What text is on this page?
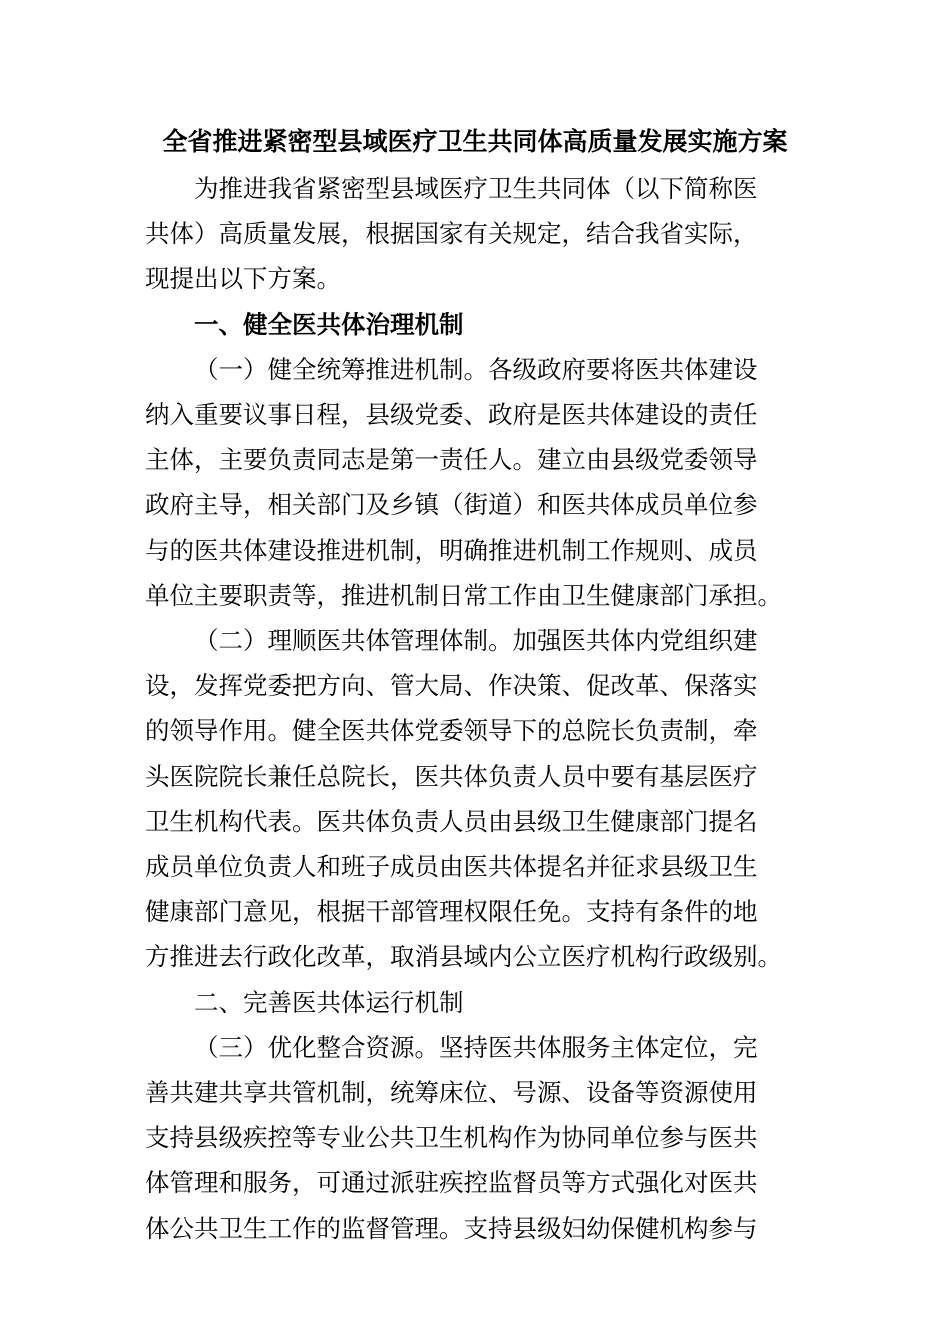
全省推进紧密型县域医疗卫生共同体高质量发展实施方案

为推进我省紧密型县域医疗卫生共同体（以下简称医
共体）高质量发展，根据国家有关规定，结合我省实际，
现提出以下方案。

一、健全医共体治理机制

（一）健全统筹推进机制。各级政府要将医共体建设
纳入重要议事日程，县级党委、政府是医共体建设的责任
主体，主要负责同志是第一责任人。建立由县级党委领导
政府主导，相关部门及乡镇（街道）和医共体成员单位参
与的医共体建设推进机制，明确推进机制工作规则、成员
单位主要职责等，推进机制日常工作由卫生健康部门承担。

（二）理顺医共体管理体制。加强医共体内党组织建
设，发挥党委把方向、管大局、作决策、促改革、保落实
的领导作用。健全医共体党委领导下的总院长负责制，牵
头医院院长兼任总院长，医共体负责人员中要有基层医疗
卫生机构代表。医共体负责人员由县级卫生健康部门提名
成员单位负责人和班子成员由医共体提名并征求县级卫生
健康部门意见，根据干部管理权限任免。支持有条件的地
方推进去行政化改革，取消县域内公立医疗机构行政级别。

二、完善医共体运行机制

（三）优化整合资源。坚持医共体服务主体定位，完
善共建共享共管机制，统筹床位、号源、设备等资源使用
支持县级疾控等专业公共卫生机构作为协同单位参与医共
体管理和服务，可通过派驻疾控监督员等方式强化对医共
体公共卫生工作的监督管理。支持县级妇幼保健机构参与
